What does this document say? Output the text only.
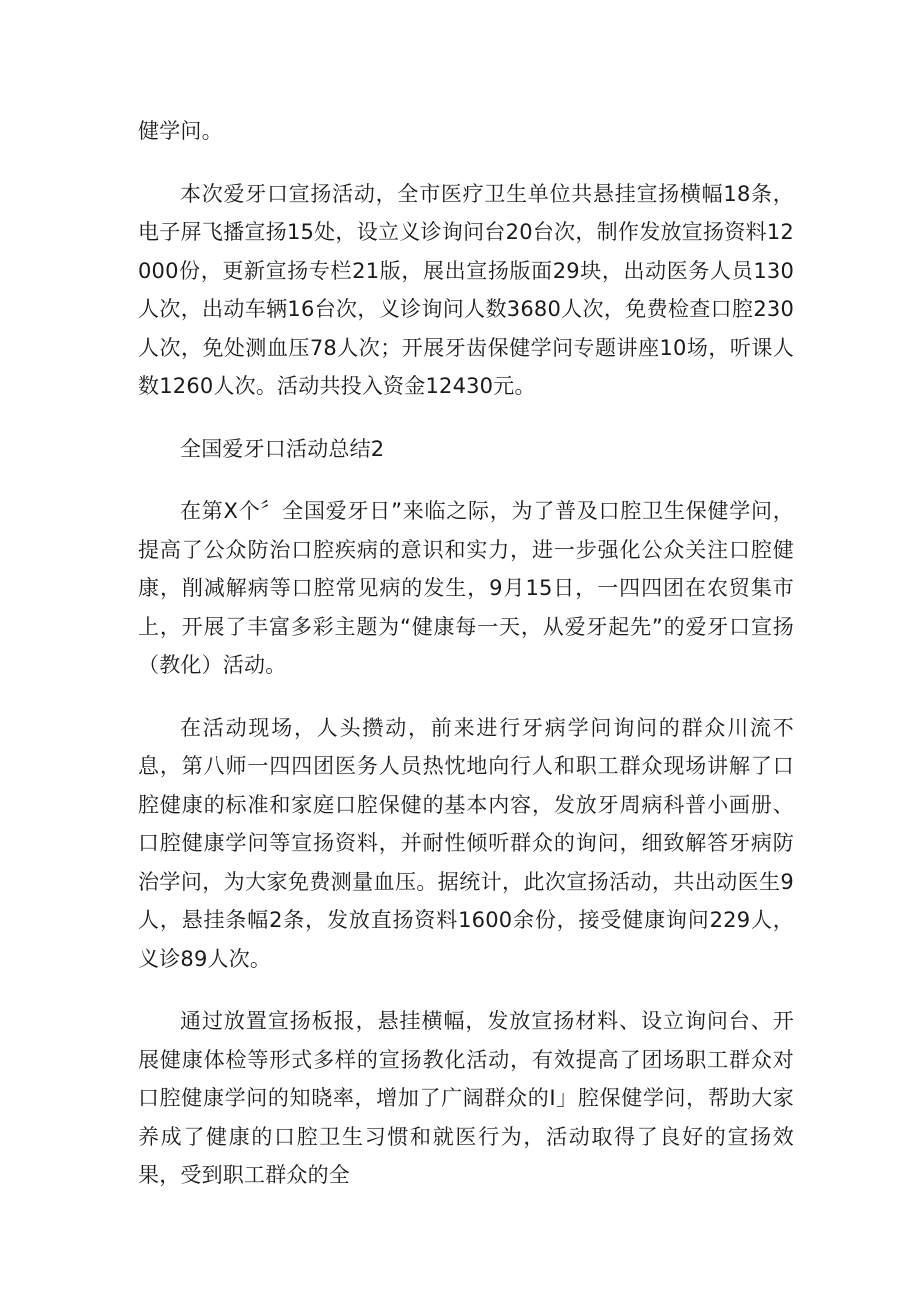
健学问。

本次爱牙口宣扬活动，全市医疗卫生单位共悬挂宣扬横幅18条，电子屏飞播宣扬15处，设立义诊询问台20台次，制作发放宣扬资料12000份，更新宣扬专栏21版，展出宣扬版面29块，出动医务人员130人次，出动车辆16台次，义诊询问人数3680人次，免费检查口腔230人次，免处测血压78人次；开展牙齿保健学问专题讲座10场，听课人数1260人次。活动共投入资金12430元。

全国爱牙口活动总结2

在第X个〞全国爱牙日”来临之际，为了普及口腔卫生保健学问，提高了公众防治口腔疾病的意识和实力，进一步强化公众关注口腔健康，削减解病等口腔常见病的发生，9月15日，一四四团在农贸集市上，开展了丰富多彩主题为“健康每一天，从爱牙起先”的爱牙口宣扬（教化）活动。

在活动现场，人头攒动，前来进行牙病学问询问的群众川流不息，第八师一四四团医务人员热忱地向行人和职工群众现场讲解了口腔健康的标准和家庭口腔保健的基本内容，发放牙周病科普小画册、口腔健康学问等宣扬资料，并耐性倾听群众的询问，细致解答牙病防治学问，为大家免费测量血压。据统计，此次宣扬活动，共出动医生9人，悬挂条幅2条，发放直扬资料1600余份，接受健康询问229人，义诊89人次。

通过放置宣扬板报，悬挂横幅，发放宣扬材料、设立询问台、开展健康体检等形式多样的宣扬教化活动，有效提高了团场职工群众对口腔健康学问的知晓率，增加了广阔群众的I」腔保健学问，帮助大家养成了健康的口腔卫生习惯和就医行为，活动取得了良好的宣扬效果，受到职工群众的全
